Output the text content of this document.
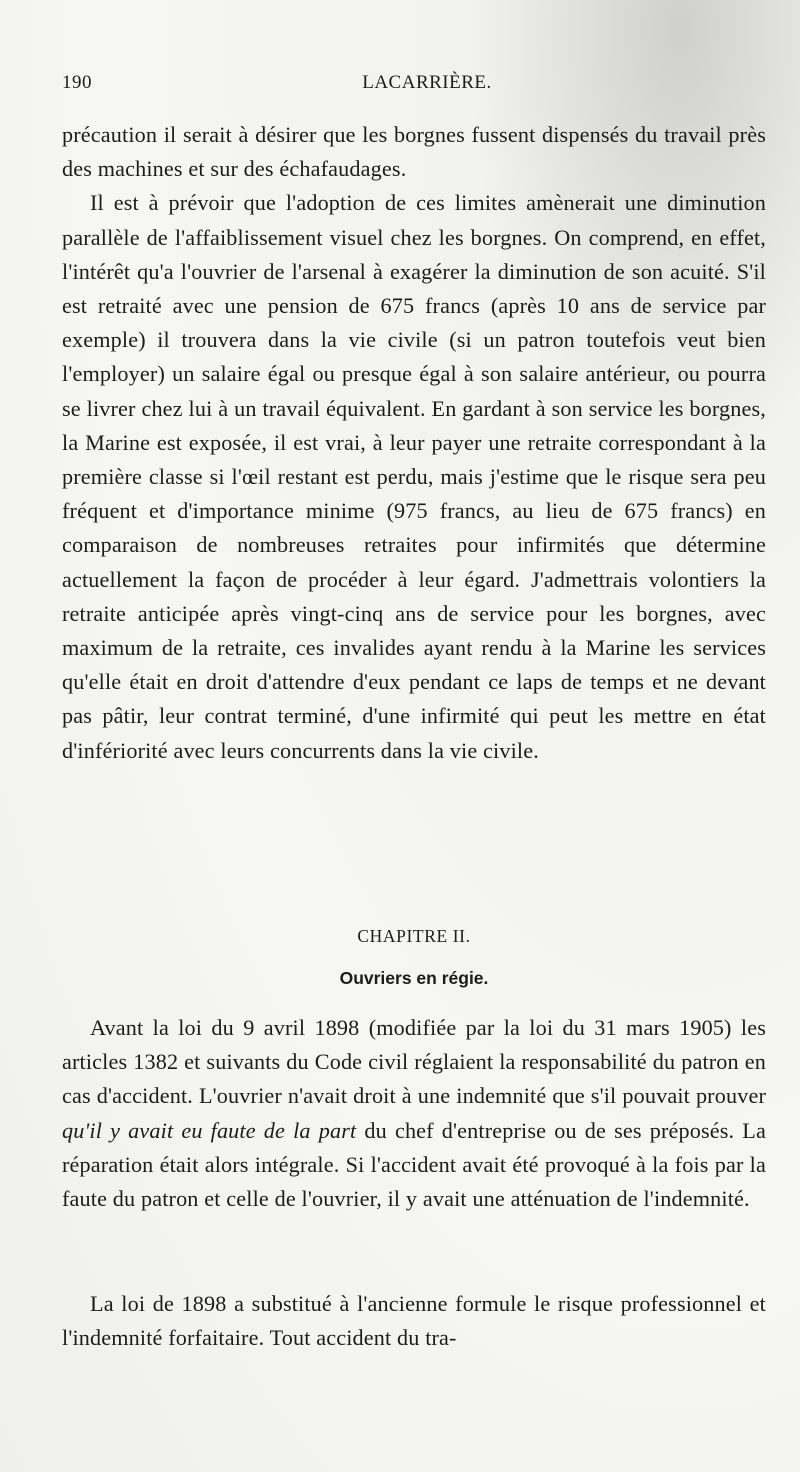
190	LACARRIÈRE.

précaution il serait à désirer que les borgnes fussent dispensés du travail près des machines et sur des échafaudages.

Il est à prévoir que l'adoption de ces limites amènerait une diminution parallèle de l'affaiblissement visuel chez les borgnes. On comprend, en effet, l'intérêt qu'a l'ouvrier de l'arsenal à exagérer la diminution de son acuité. S'il est retraité avec une pension de 675 francs (après 10 ans de service par exemple) il trouvera dans la vie civile (si un patron toutefois veut bien l'employer) un salaire égal ou presque égal à son salaire antérieur, ou pourra se livrer chez lui à un travail équivalent. En gardant à son service les borgnes, la Marine est exposée, il est vrai, à leur payer une retraite correspondant à la première classe si l'œil restant est perdu, mais j'estime que le risque sera peu fréquent et d'importance minime (975 francs, au lieu de 675 francs) en comparaison de nombreuses retraites pour infirmités que détermine actuellement la façon de procéder à leur égard. J'admettrais volontiers la retraite anticipée après vingt-cinq ans de service pour les borgnes, avec maximum de la retraite, ces invalides ayant rendu à la Marine les services qu'elle était en droit d'attendre d'eux pendant ce laps de temps et ne devant pas pâtir, leur contrat terminé, d'une infirmité qui peut les mettre en état d'infériorité avec leurs concurrents dans la vie civile.

CHAPITRE II.
Ouvriers en régie.

Avant la loi du 9 avril 1898 (modifiée par la loi du 31 mars 1905) les articles 1382 et suivants du Code civil réglaient la responsabilité du patron en cas d'accident. L'ouvrier n'avait droit à une indemnité que s'il pouvait prouver qu'il y avait eu faute de la part du chef d'entreprise ou de ses préposés. La réparation était alors intégrale. Si l'accident avait été provoqué à la fois par la faute du patron et celle de l'ouvrier, il y avait une atténuation de l'indemnité.

La loi de 1898 a substitué à l'ancienne formule le risque professionnel et l'indemnité forfaitaire. Tout accident du tra-
